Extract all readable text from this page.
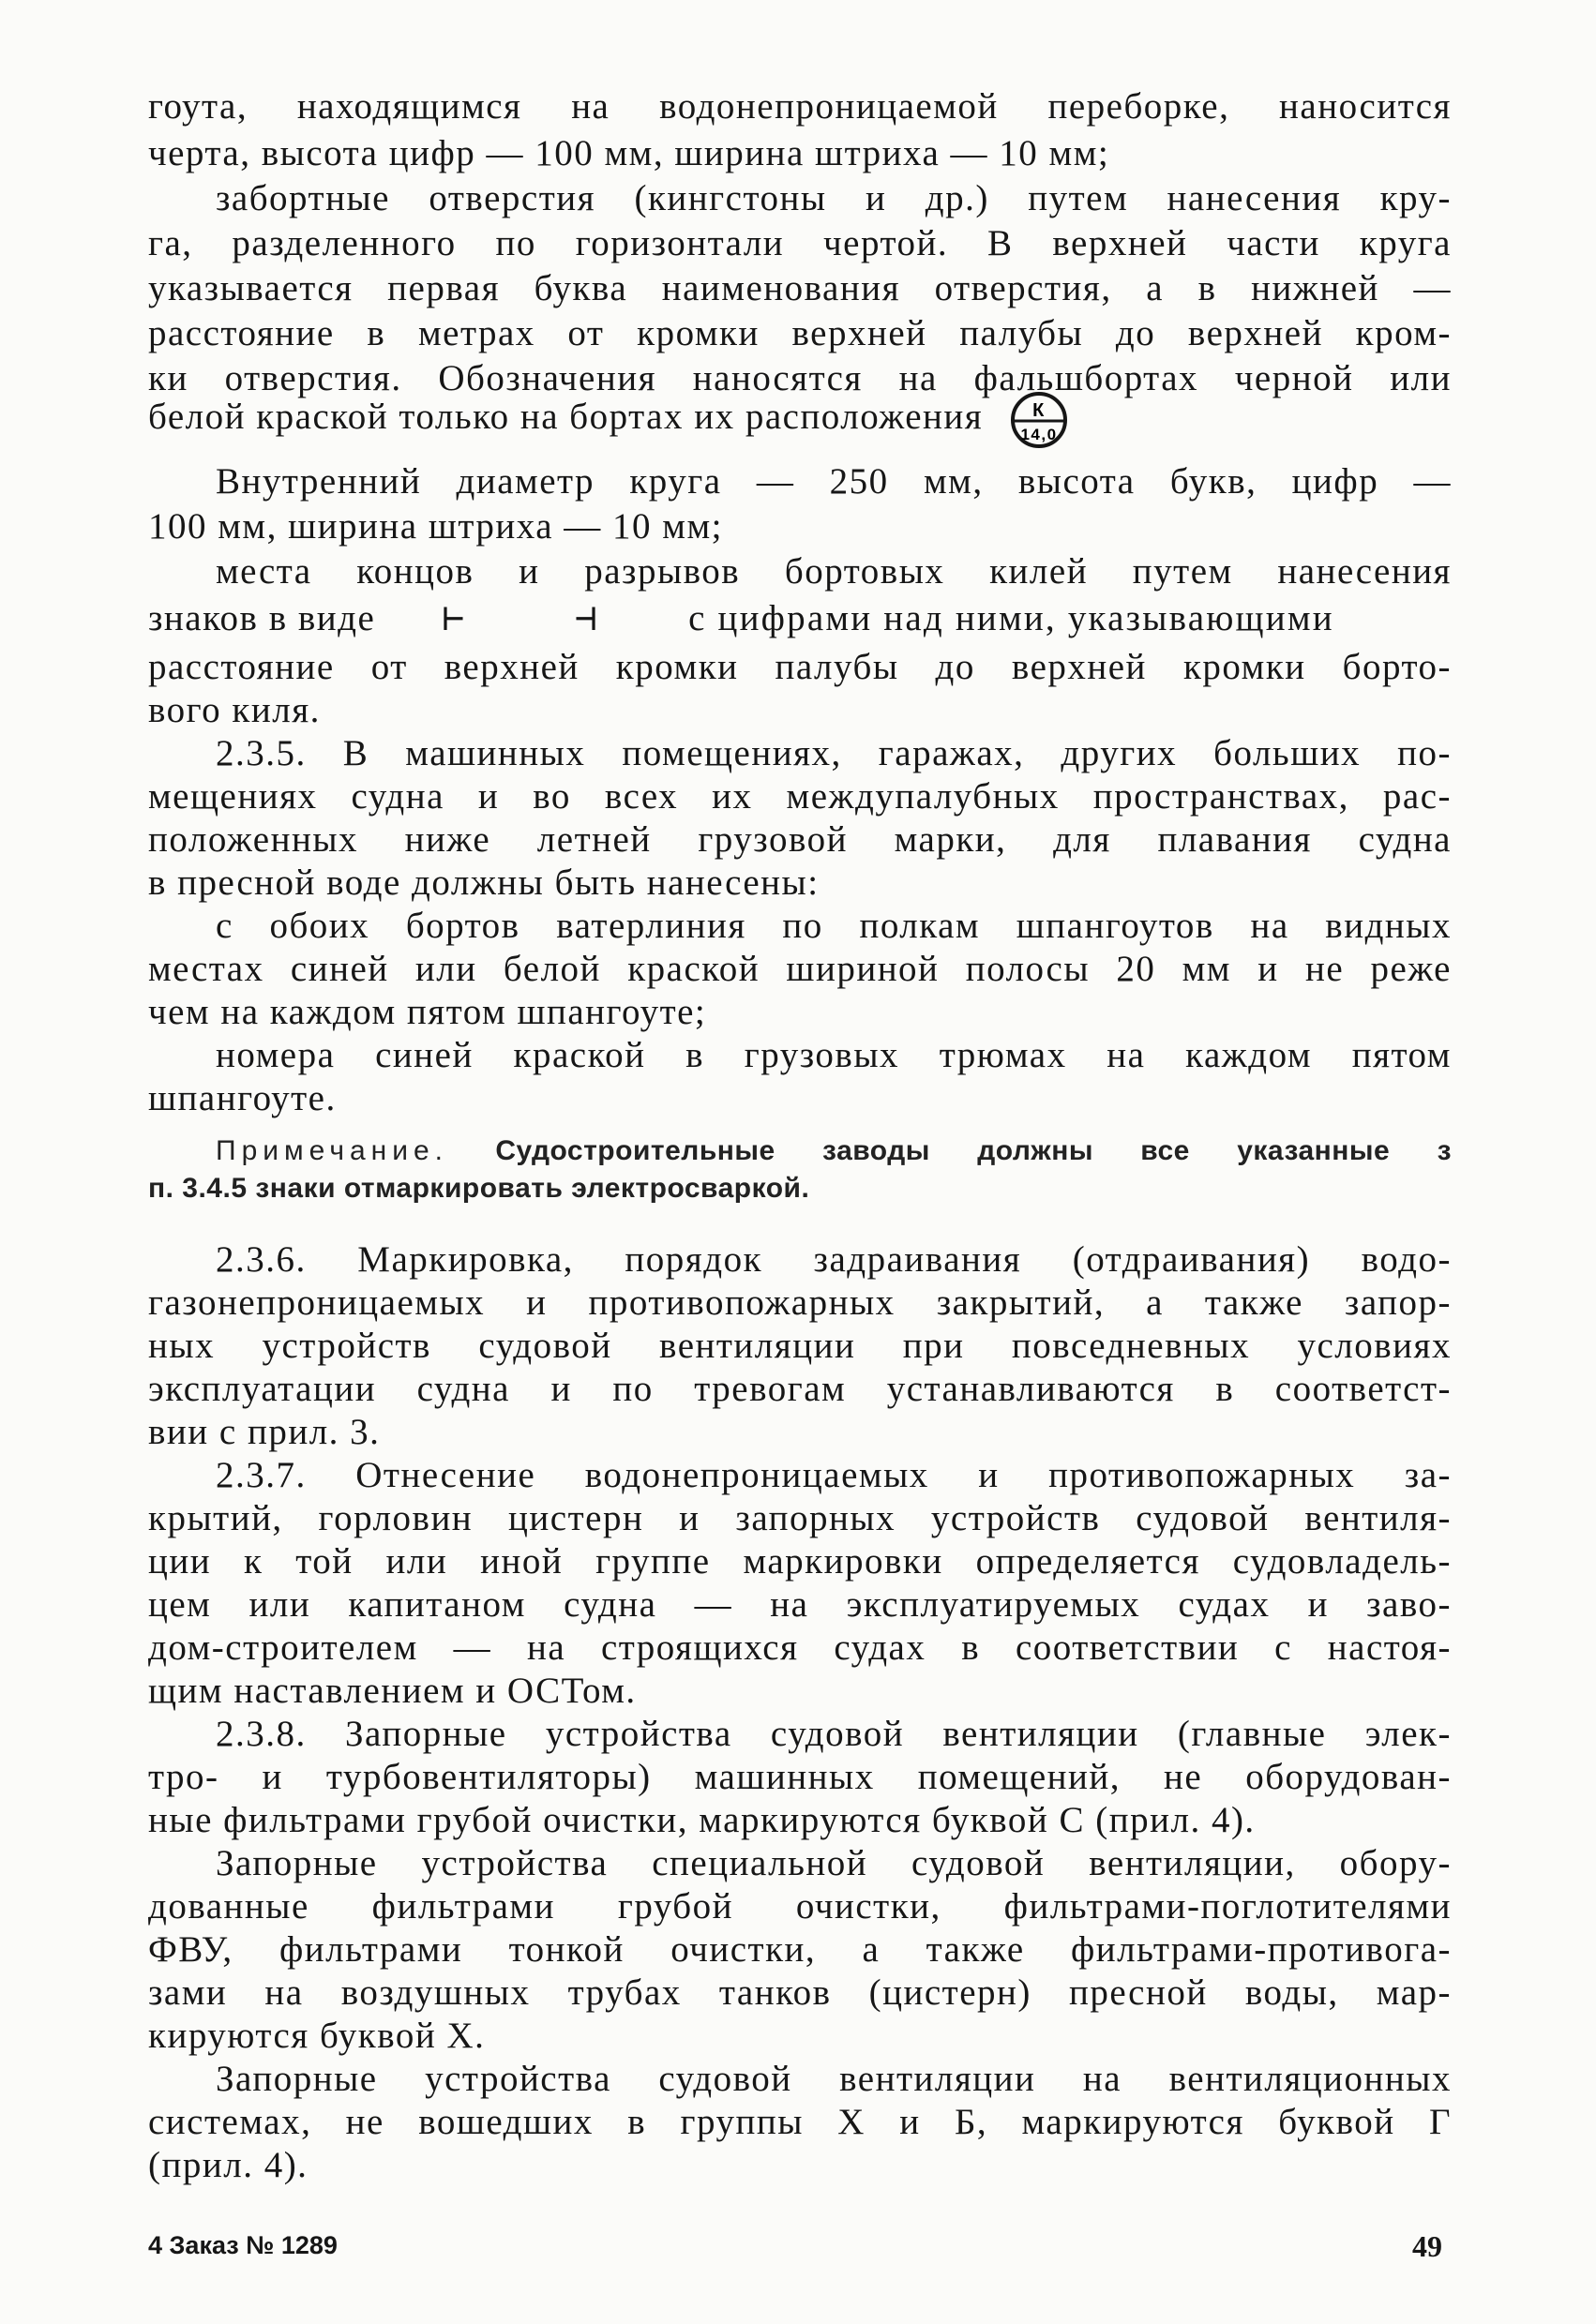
гоута, находящимся на водонепроницаемой переборке, наносится
черта, высота цифр — 100 мм, ширина штриха — 10 мм;
забортные отверстия (кингстоны и др.) путем нанесения кру-
га, разделенного по горизонтали чертой. В верхней части круга
указывается первая буква наименования отверстия, а в нижней —
расстояние в метрах от кромки верхней палубы до верхней кром-
ки отверстия. Обозначения наносятся на фальшбортах черной или
белой краской только на бортах их расположения	К
14,0
Внутренний диаметр круга — 250 мм, высота букв, цифр —
100 мм, ширина штриха — 10 мм;
места концов и разрывов бортовых килей путем нанесения
знаков в виде ⊢	⊣ с цифрами над ними, указывающими
расстояние от верхней кромки палубы до верхней кромки борто-
вого киля.
2.3.5. В машинных помещениях, гаражах, других больших по-
мещениях судна и во всех их междупалубных пространствах, рас-
положенных ниже летней грузовой марки, для плавания судна
в пресной воде должны быть нанесены:
с обоих бортов ватерлиния по полкам шпангоутов на видных
местах синей или белой краской шириной полосы 20 мм и не реже
чем на каждом пятом шпангоуте;
номера синей краской в грузовых трюмах на каждом пятом
шпангоуте.
Примечание. Судостроительные заводы должны все указанные з
п. 3.4.5 знаки отмаркировать электросваркой.
2.3.6. Маркировка, порядок задраивания (отдраивания) водо-
газонепроницаемых и противопожарных закрытий, а также запор-
ных устройств судовой вентиляции при повседневных условиях
эксплуатации судна и по тревогам устанавливаются в соответст-
вии с прил. 3.
2.3.7. Отнесение водонепроницаемых и противопожарных за-
крытий, горловин цистерн и запорных устройств судовой вентиля-
ции к той или иной группе маркировки определяется судовладель-
цем или капитаном судна — на эксплуатируемых судах и заво-
дом-строителем — на строящихся судах в соответствии с настоя-
щим наставлением и ОСТом.
2.3.8. Запорные устройства судовой вентиляции (главные элек-
тро- и турбовентиляторы) машинных помещений, не оборудован-
ные фильтрами грубой очистки, маркируются буквой С (прил. 4).
Запорные устройства специальной судовой вентиляции, обору-
дованные фильтрами грубой очистки, фильтрами-поглотителями
ФВУ, фильтрами тонкой очистки, а также фильтрами-противога-
зами на воздушных трубах танков (цистерн) пресной воды, мар-
кируются буквой Х.
Запорные устройства судовой вентиляции на вентиляционных
системах, не вошедших в группы Х и Б, маркируются буквой Г
(прил. 4).
4 Заказ № 1289	49
